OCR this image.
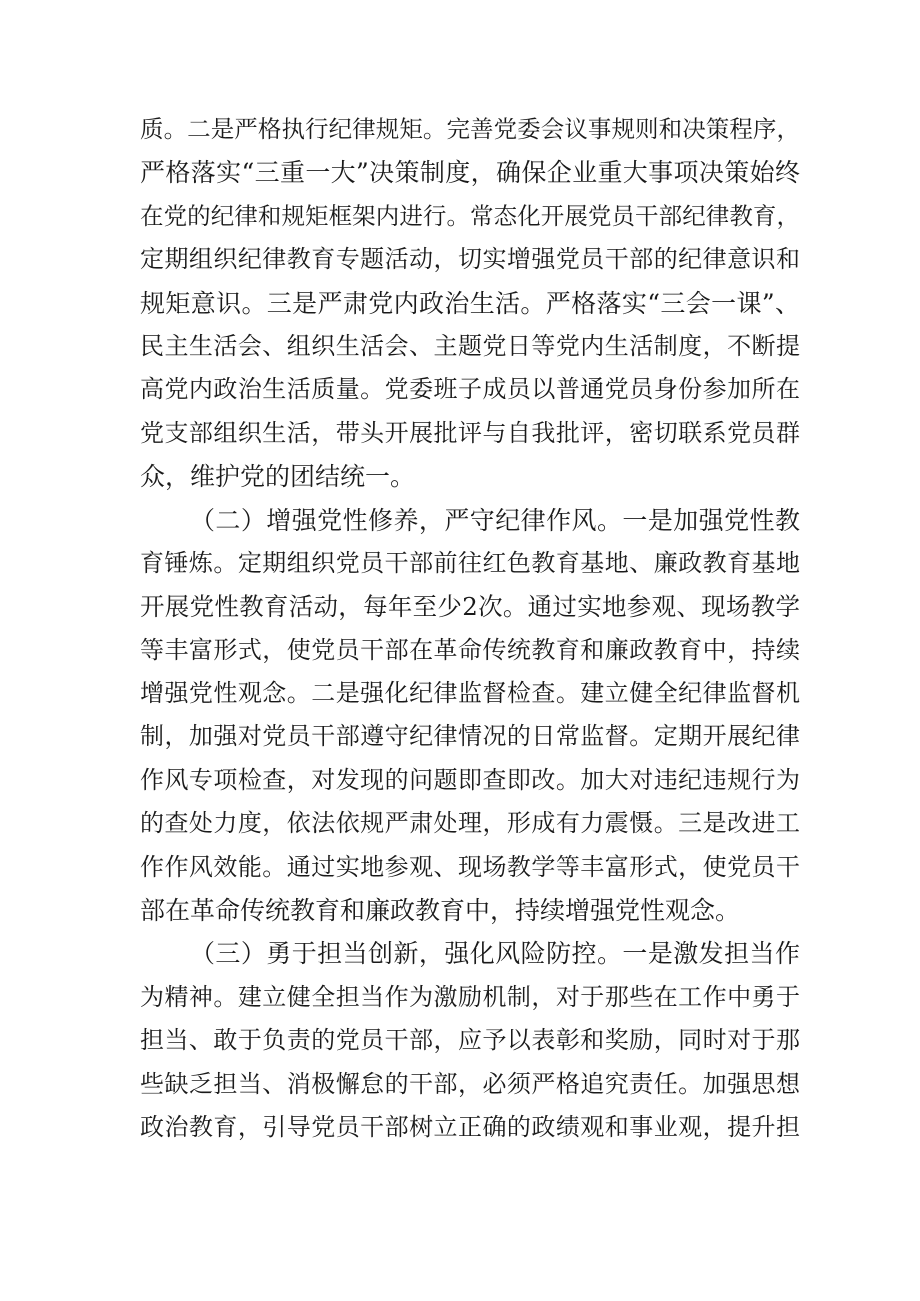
质。二是严格执行纪律规矩。完善党委会议事规则和决策程序，
严格落实“三重一大”决策制度，确保企业重大事项决策始终
在党的纪律和规矩框架内进行。常态化开展党员干部纪律教育，
定期组织纪律教育专题活动，切实增强党员干部的纪律意识和
规矩意识。三是严肃党内政治生活。严格落实“三会一课”、
民主生活会、组织生活会、主题党日等党内生活制度，不断提
高党内政治生活质量。党委班子成员以普通党员身份参加所在
党支部组织生活，带头开展批评与自我批评，密切联系党员群
众，维护党的团结统一。
（二）增强党性修养，严守纪律作风。一是加强党性教
育锤炼。定期组织党员干部前往红色教育基地、廉政教育基地
开展党性教育活动，每年至少2次。通过实地参观、现场教学
等丰富形式，使党员干部在革命传统教育和廉政教育中，持续
增强党性观念。二是强化纪律监督检查。建立健全纪律监督机
制，加强对党员干部遵守纪律情况的日常监督。定期开展纪律
作风专项检查，对发现的问题即查即改。加大对违纪违规行为
的查处力度，依法依规严肃处理，形成有力震慑。三是改进工
作作风效能。通过实地参观、现场教学等丰富形式，使党员干
部在革命传统教育和廉政教育中，持续增强党性观念。
（三）勇于担当创新，强化风险防控。一是激发担当作
为精神。建立健全担当作为激励机制，对于那些在工作中勇于
担当、敢于负责的党员干部，应予以表彰和奖励，同时对于那
些缺乏担当、消极懈怠的干部，必须严格追究责任。加强思想
政治教育，引导党员干部树立正确的政绩观和事业观，提升担
